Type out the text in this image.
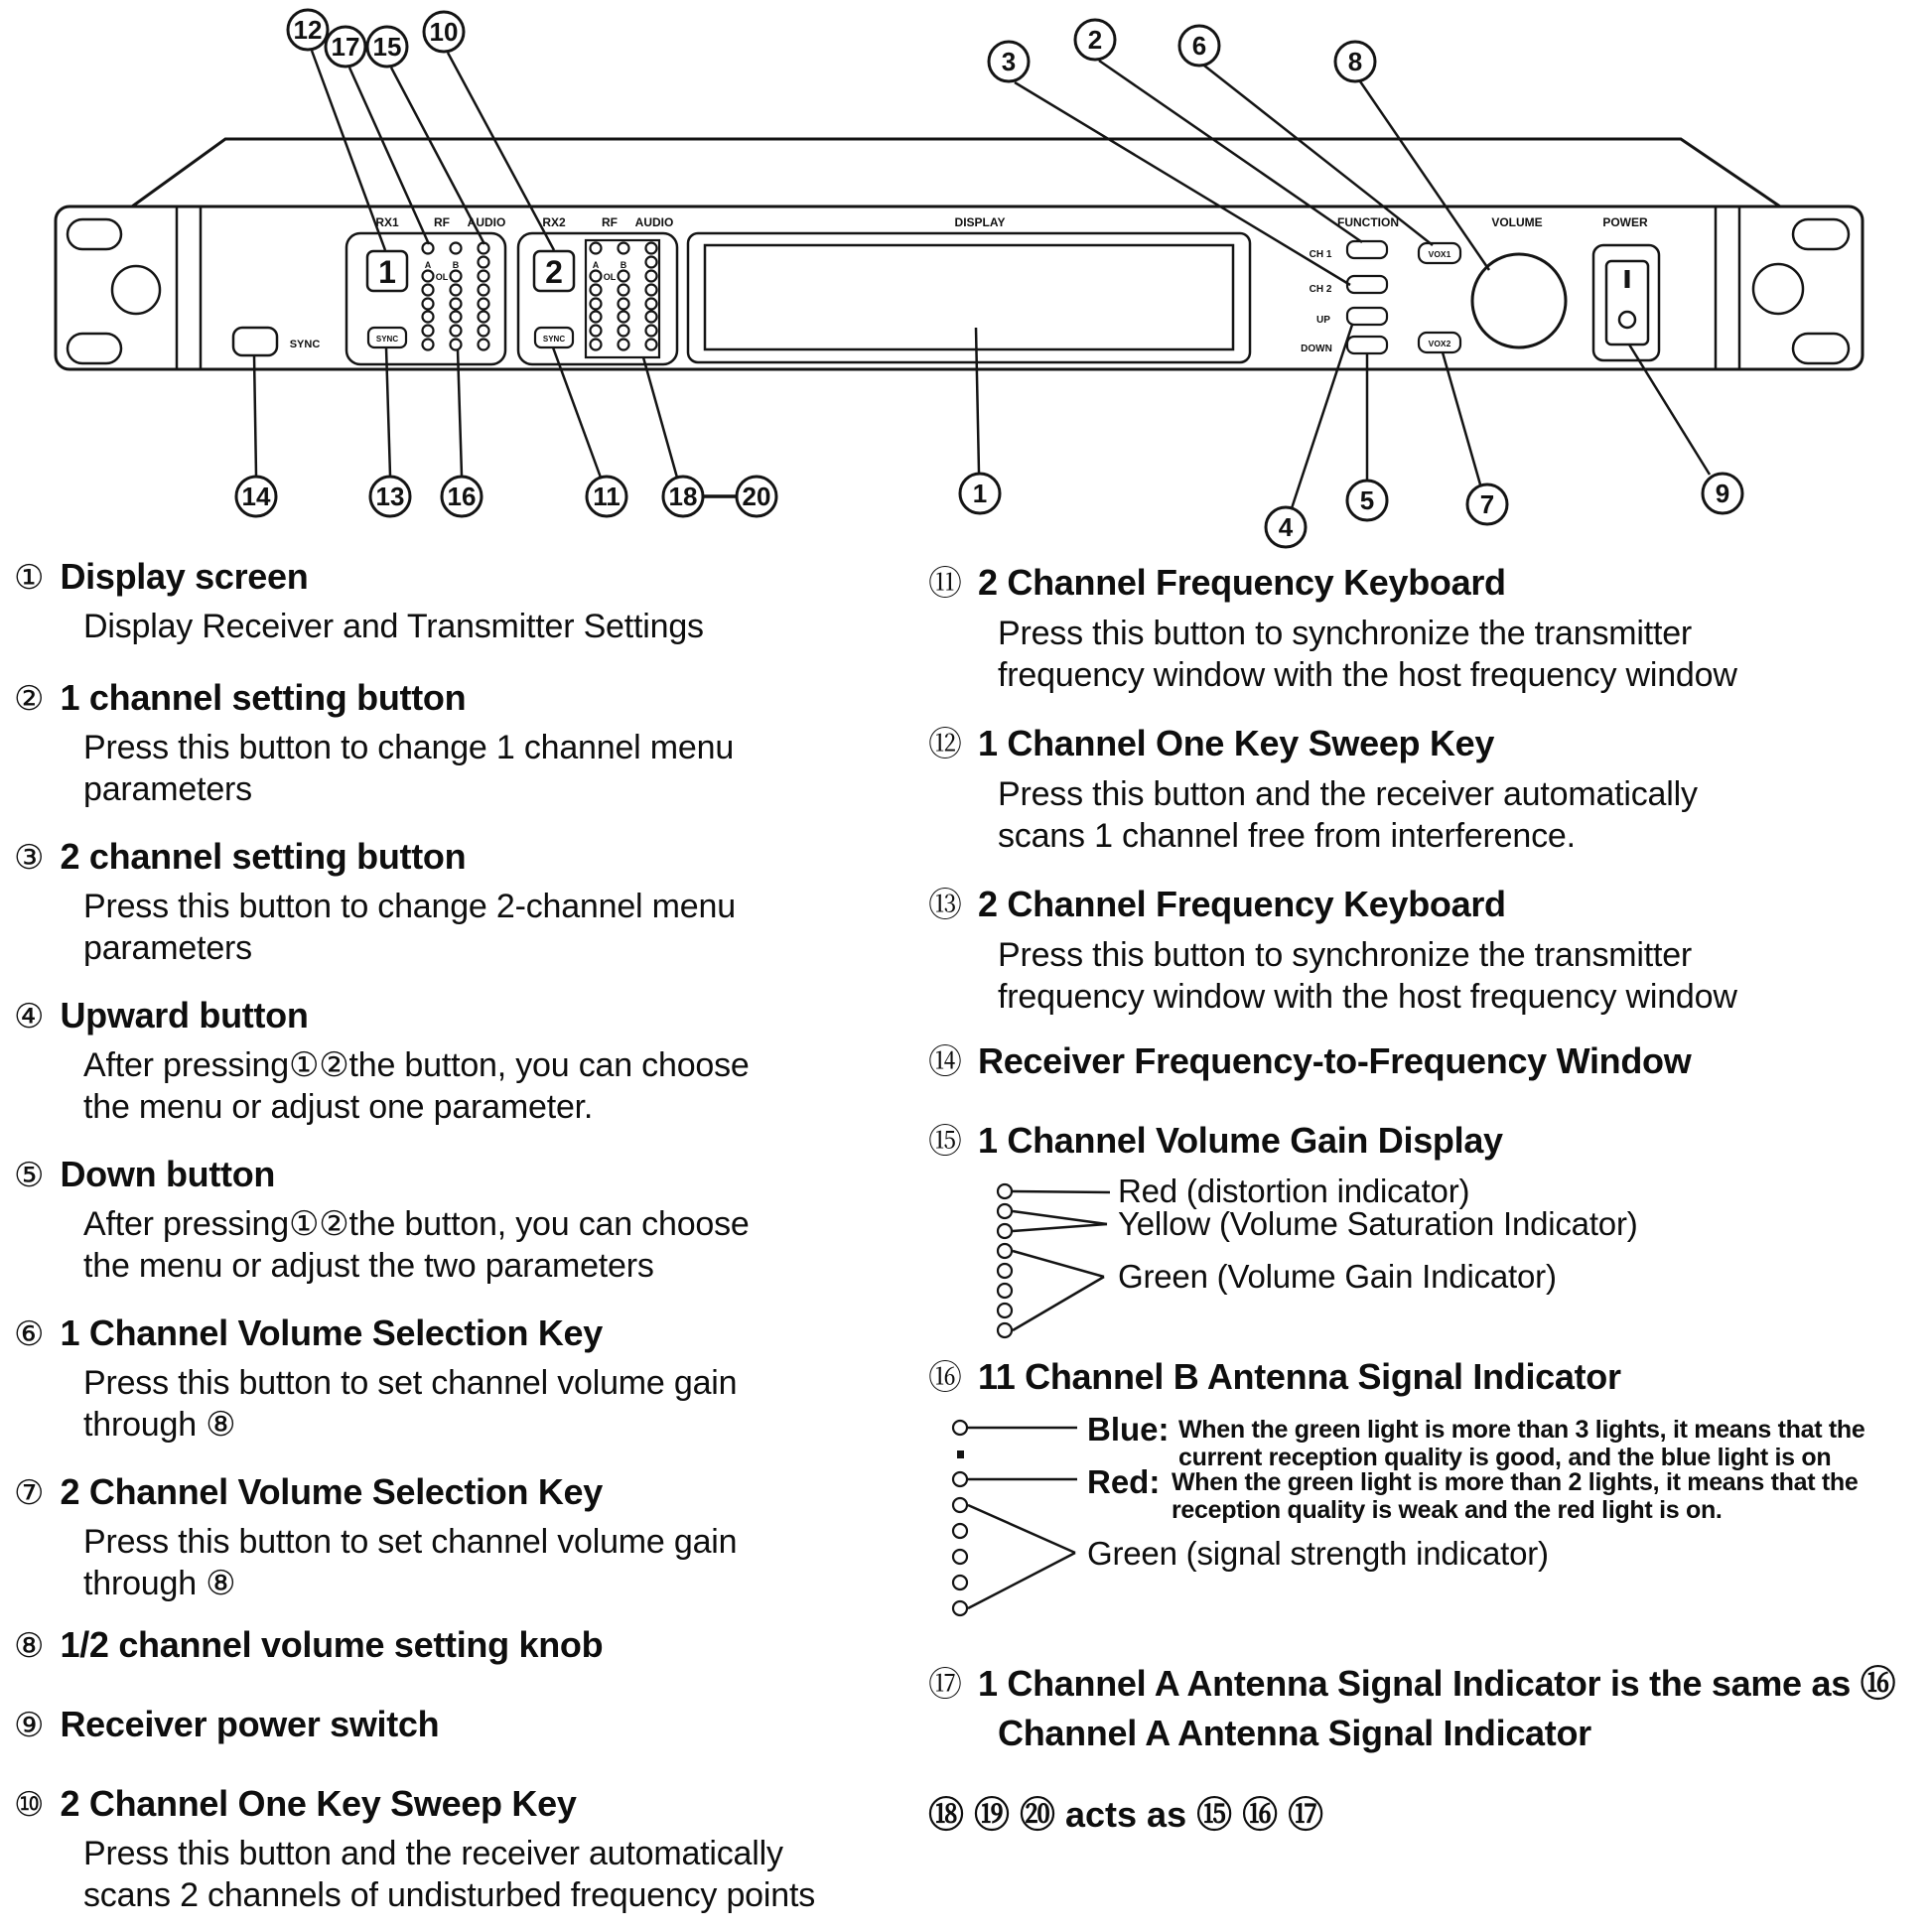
SYNC
RX1	RF AUDIO
1
SYNC
A B
OL
RX2	RF AUDIO
2
SYNC
A B
OL
DISPLAY	FUNCTION
CH 1
CH 2
UP
DOWN
VOX1
VOX2
VOLUME	POWER
12
17 15 10
3
2	6
8
14	13 16	11 18 20	1
4
5	7	9
① Display screen
Display Receiver and Transmitter Settings
② 1 channel setting button
Press this button to change 1 channel menu
parameters
③ 2 channel setting button
Press this button to change 2-channel menu
parameters
④ Upward button
After pressing①②the button, you can choose
the menu or adjust one parameter.
⑤ Down button
After pressing①②the button, you can choose
the menu or adjust the two parameters
⑥ 1 Channel Volume Selection Key
Press this button to set channel volume gain
through ⑧
⑦ 2 Channel Volume Selection Key
Press this button to set channel volume gain
through ⑧
⑧ 1/2 channel volume setting knob
⑨ Receiver power switch
⑩ 2 Channel One Key Sweep Key
Press this button and the receiver automatically
scans 2 channels of undisturbed frequency points
⑪ 2 Channel Frequency Keyboard
Press this button to synchronize the transmitter
frequency window with the host frequency window
⑫ 1 Channel One Key Sweep Key
Press this button and the receiver automatically
scans 1 channel free from interference.
⑬ 2 Channel Frequency Keyboard
Press this button to synchronize the transmitter
frequency window with the host frequency window
⑭ Receiver Frequency-to-Frequency Window
⑮ 1 Channel Volume Gain Display
Red (distortion indicator)
Yellow (Volume Saturation Indicator)
Green (Volume Gain Indicator)
⑯ 11 Channel B Antenna Signal Indicator
Blue: When the green light is more than 3 lights, it means that the current reception quality is good, and the blue light is on
Red: When the green light is more than 2 lights, it means that the reception quality is weak and the red light is on.
Green (signal strength indicator)
⑰ 1 Channel A Antenna Signal Indicator is the same as ⑯
Channel A Antenna Signal Indicator
⑱ ⑲ ⑳ acts as ⑮ ⑯ ⑰
